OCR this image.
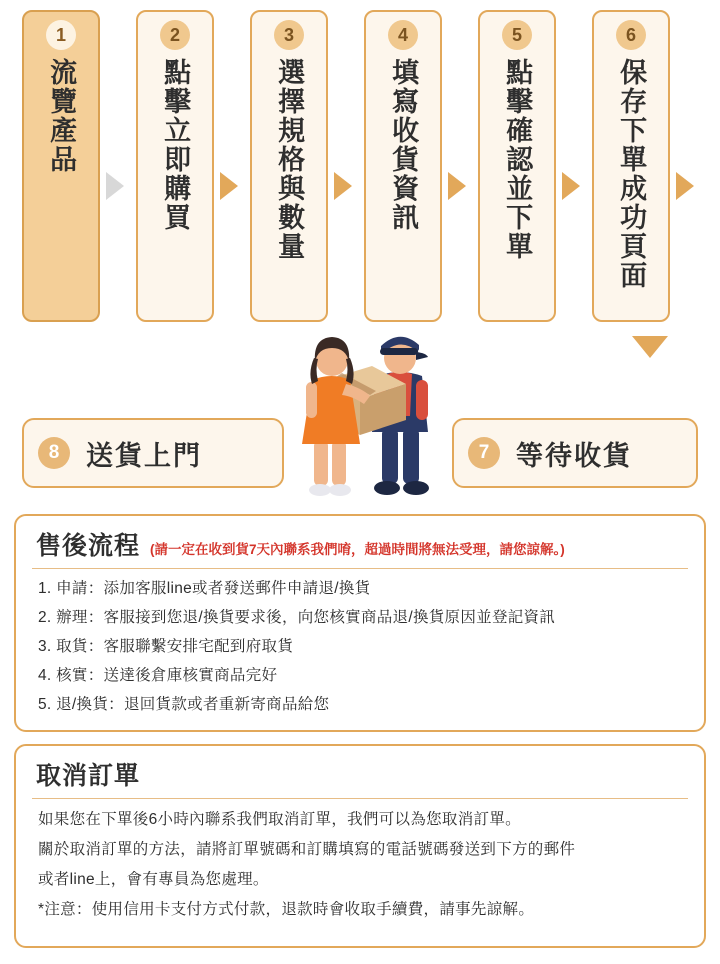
1
流覽產品
2
點擊立即購買
3
選擇規格與數量
4
填寫收貨資訊
5
點擊確認並下單
6
保存下單成功頁面
8 送貨上門	7 等待收貨
售後流程 (請一定在收到貨7天內聯系我們唷，超過時間將無法受理，請您諒解。)
1. 申請：添加客服line或者發送郵件申請退/換貨
2. 辦理：客服接到您退/換貨要求後，向您核實商品退/換貨原因並登記資訊
3. 取貨：客服聯繫安排宅配到府取貨
4. 核實：送達後倉庫核實商品完好
5. 退/換貨：退回貨款或者重新寄商品給您
取消訂單
如果您在下單後6小時內聯系我們取消訂單，我們可以為您取消訂單。
關於取消訂單的方法，請將訂單號碼和訂購填寫的電話號碼發送到下方的郵件
或者line上，會有專員為您處理。
*注意：使用信用卡支付方式付款，退款時會收取手續費，請事先諒解。
